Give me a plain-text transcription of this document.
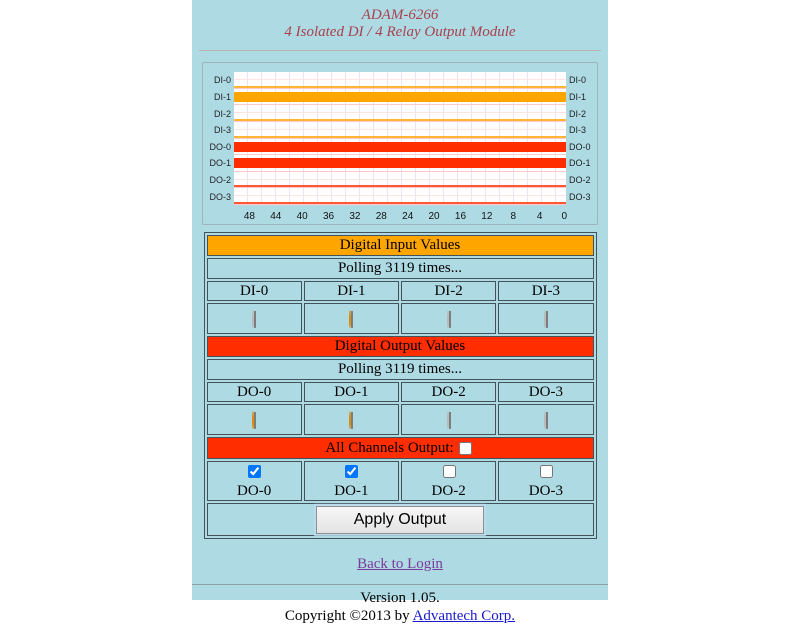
ADAM-6266
4 Isolated DI / 4 Relay Output Module
DI-0
DI-1
DI-2
DI-3
DO-0
DO-1
DO-2
DO-3
DI-0
DI-1
DI-2
DI-3
DO-0
DO-1
DO-2
DO-3
48 44 40 36 32 28 24 20 16 12 8 4 0
Digital Input Values			
Polling 3119 times...			
DI-0	DI-1	DI-2	DI-3

Digital Output Values			
Polling 3119 times...			
DO-0	DO-1	DO-2	DO-3

All Channels Output:			

DO-0	DO-1	DO-2	DO-3

Apply Output			
Back to Login
Version 1.05.
Copyright ©2013 by Advantech Corp.
